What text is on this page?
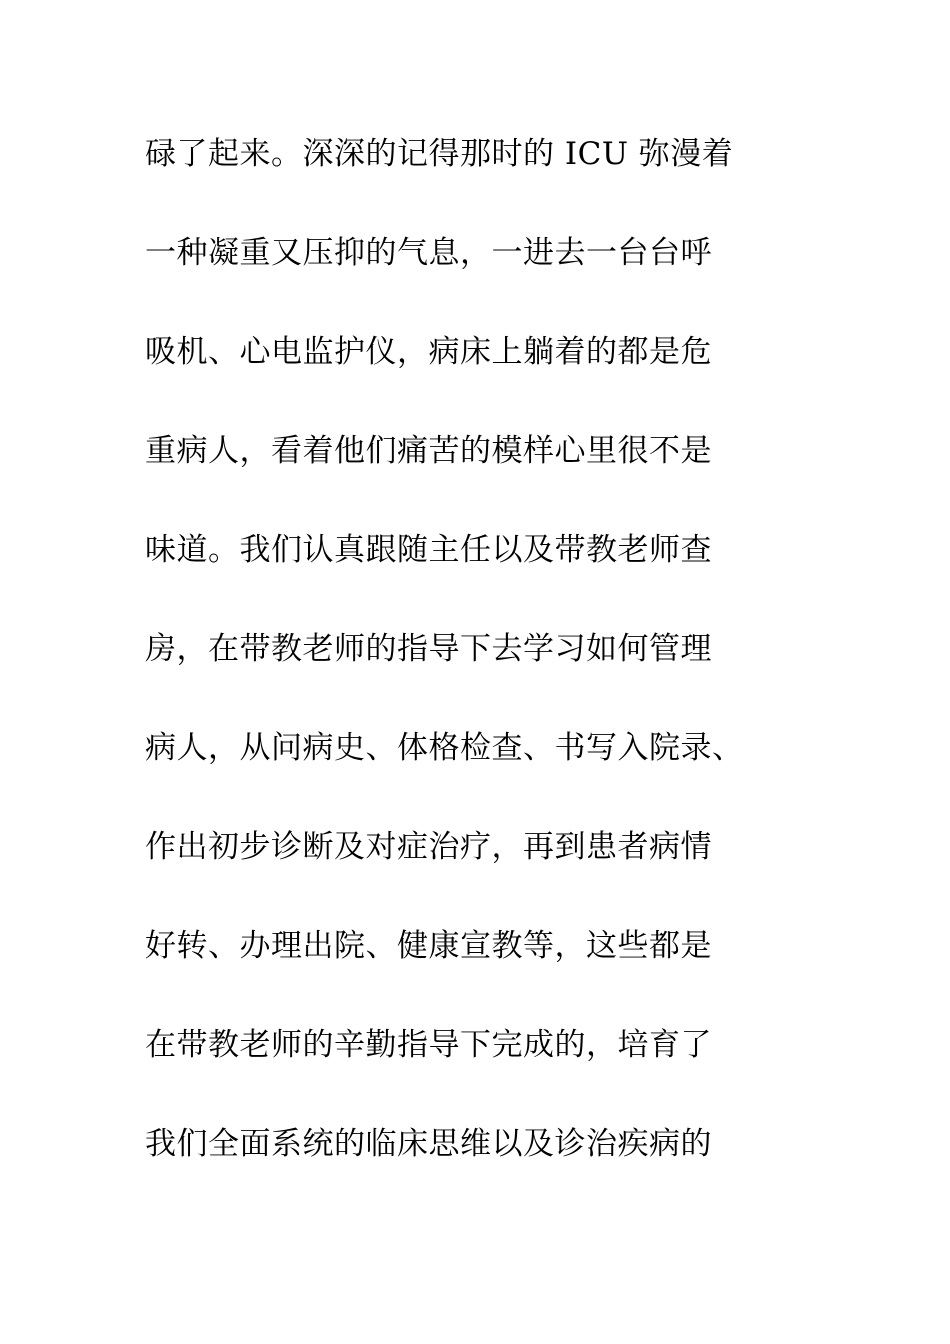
碌了起来。深深的记得那时的 ICU 弥漫着

一种凝重又压抑的气息，一进去一台台呼

吸机、心电监护仪，病床上躺着的都是危

重病人，看着他们痛苦的模样心里很不是

味道。我们认真跟随主任以及带教老师查

房，在带教老师的指导下去学习如何管理

病人，从问病史、体格检查、书写入院录、

作出初步诊断及对症治疗，再到患者病情

好转、办理出院、健康宣教等，这些都是

在带教老师的辛勤指导下完成的，培育了

我们全面系统的临床思维以及诊治疾病的
